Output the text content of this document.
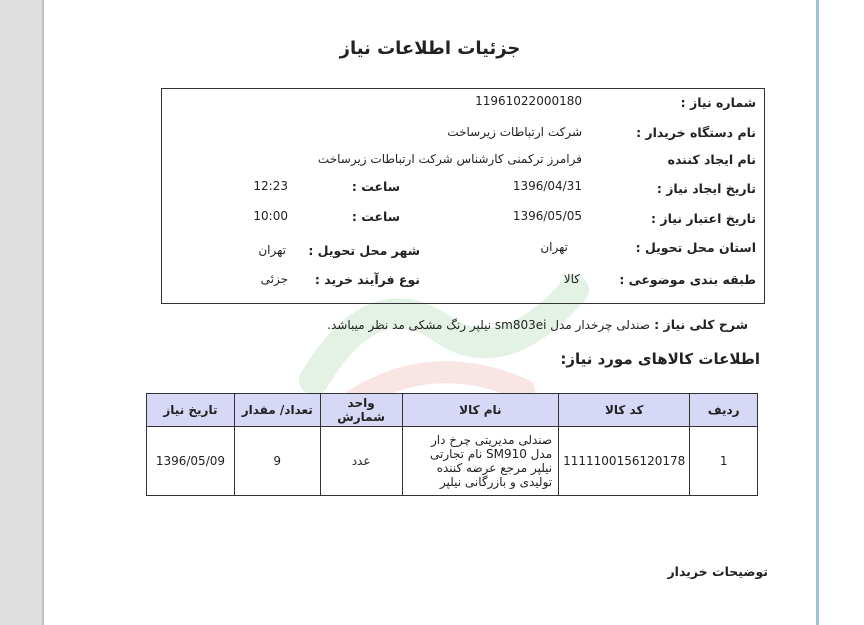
جزئیات اطلاعات نیاز
شماره نیاز :
1196102200018‌0
نام دستگاه خریدار :
شرکت ارتباطات زیرساخت
نام ایجاد کننده
فرامرز ترکمنی کارشناس شرکت ارتباطات زیرساخت
تاریخ ایجاد نیاز :
1396/04/31
ساعت :
12:23
تاریخ اعتبار نیاز :
1396/05/05
ساعت :
10:00
استان محل تحویل :
تهران
شهر محل تحویل :
تهران
طبقه بندی موضوعی :
کالا
نوع فرآیند خرید :
جزئی
شرح کلی نیاز :
صندلی چرخدار مدل sm803ei نیلپر رنگ مشکی مد نظر میباشد.
اطلاعات کالاهای مورد نیاز:
ردیف	کد کالا	نام کالا	واحد شمارش	تعداد/ مقدار	تاریخ نیاز
1	1111100156120178	صندلی مدیریتی چرخ دار مدل SM910 نام تجارتی نیلپر مرجع عرضه کننده تولیدی و بازرگانی نیلپر	عدد	9	1396/05/09
توضیحات خریدار
